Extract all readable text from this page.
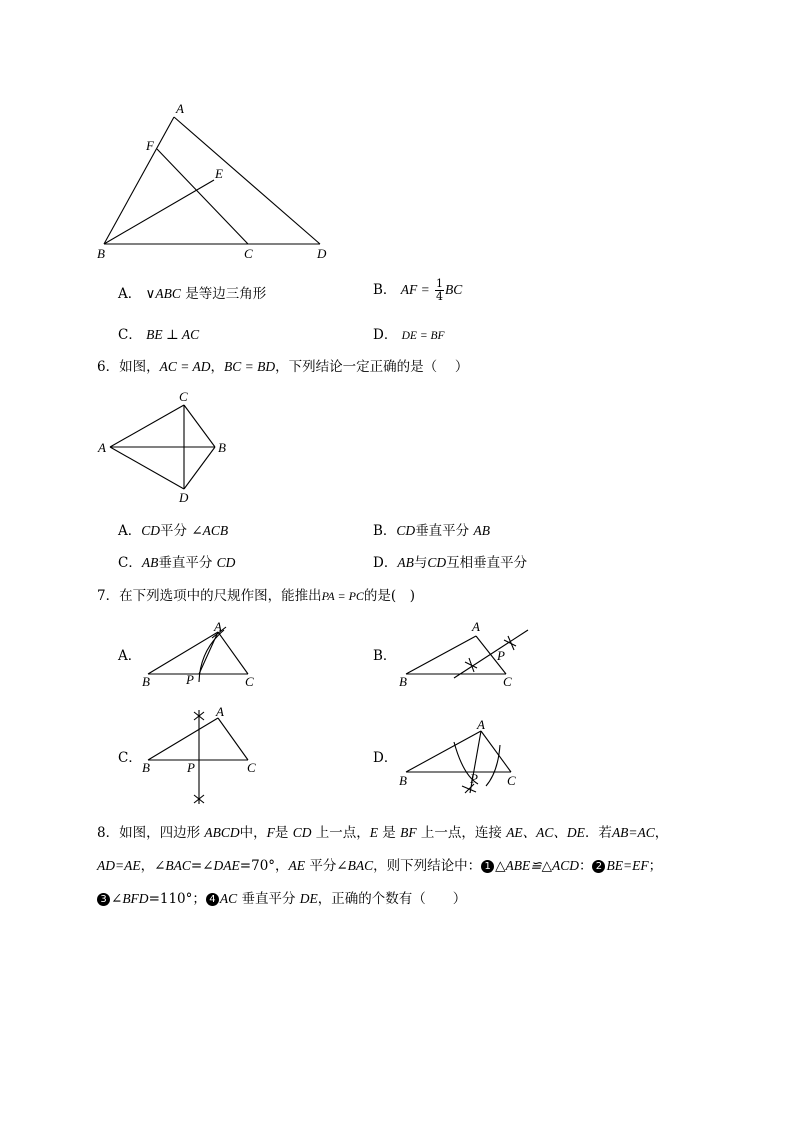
A
F
E
B	C	D
A． ∨ABC 是等边三角形	B． AF = $\frac{1}{4}$ BC
C． BE ⊥ AC	D． DE = BF
6．如图，AC = AD，BC = BD，下列结论一定正确的是（　 ）
C
A	B
D
A．CD平分 ∠ACB	B．CD垂直平分 AB
C．AB垂直平分 CD	D．AB与CD互相垂直平分
7．在下列选项中的尺规作图，能推出PA = PC的是(　)
A．	B．
C．	D．
A
B	P	C
A
P
B	C
A
B	P	C
A
B	P C
8．如图，四边形 ABCD中，F是 CD 上一点，E 是 BF 上一点，连接 AE、AC、DE．若AB=AC，
AD=AE，∠BAC=∠DAE=70°，AE 平分∠BAC，则下列结论中： 1 △ABE≌△ACD： 2 BE=EF；
3 ∠BFD=110°； 4 AC 垂直平分 DE，正确的个数有（　　）
